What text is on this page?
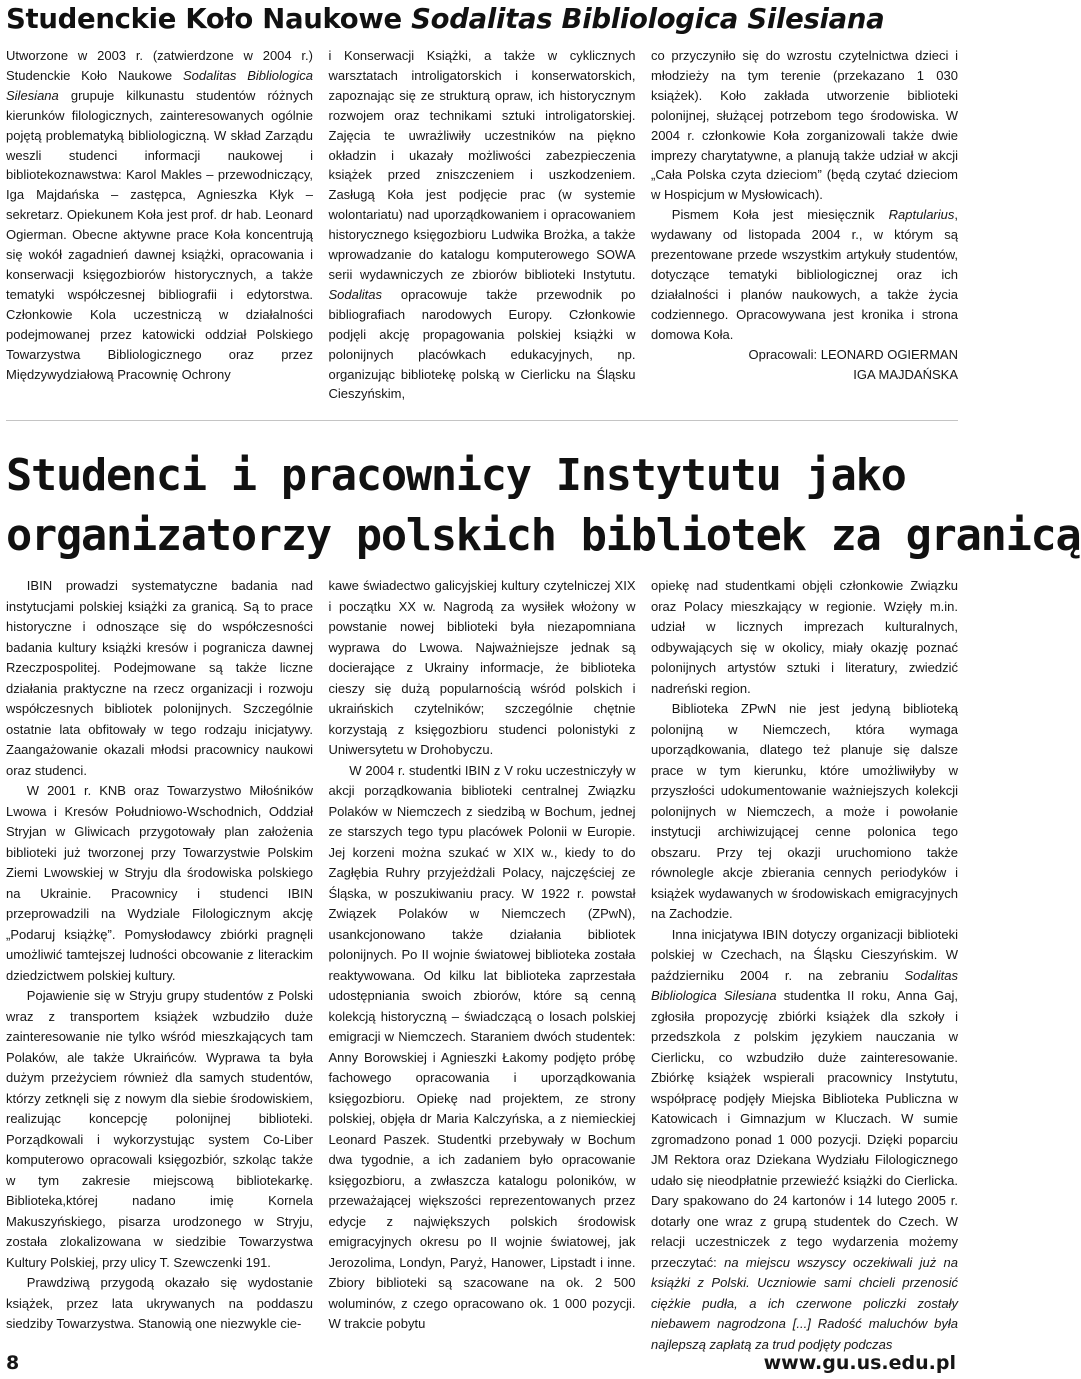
Studenckie Koło Naukowe Sodalitas Bibliologica Silesiana

Utworzone w 2003 r. (zatwierdzone w 2004 r.) Studenckie Koło Naukowe Sodalitas Bibliologica Silesiana grupuje kilkunastu studentów różnych kierunków filologicznych, zainteresowanych ogólnie pojętą problematyką bibliologiczną. W skład Zarządu weszli studenci informacji naukowej i bibliotekoznawstwa: Karol Makles – przewodniczący, Iga Majdańska – zastępca, Agnieszka Kłyk – sekretarz. Opiekunem Koła jest prof. dr hab. Leonard Ogierman. Obecne aktywne prace Koła koncentrują się wokół zagadnień dawnej książki, opracowania i konserwacji księgozbiorów historycznych, a także tematyki współczesnej bibliografii i edytorstwa. Członkowie Kola uczestniczą w działalności podejmowanej przez katowicki oddział Polskiego Towarzystwa Bibliologicznego oraz przez Międzywydziałową Pracownię Ochrony

i Konserwacji Książki, a także w cyklicznych warsztatach introligatorskich i konserwatorskich, zapoznając się ze strukturą opraw, ich historycznym rozwojem oraz technikami sztuki introligatorskiej. Zajęcia te uwrażliwiły uczestników na piękno okładzin i ukazały możliwości zabezpieczenia książek przed zniszczeniem i uszkodzeniem. Zasługą Koła jest podjęcie prac (w systemie wolontariatu) nad uporządkowaniem i opracowaniem historycznego księgozbioru Ludwika Brożka, a także wprowadzanie do katalogu komputerowego SOWA serii wydawniczych ze zbiorów biblioteki Instytutu. Sodalitas opracowuje także przewodnik po bibliografiach narodowych Europy. Członkowie podjęli akcję propagowania polskiej książki w polonijnych placówkach edukacyjnych, np. organizując bibliotekę polską w Cierlicku na Śląsku Cieszyńskim,

co przyczyniło się do wzrostu czytelnictwa dzieci i młodzieży na tym terenie (przekazano 1 030 książek). Koło zakłada utworzenie biblioteki polonijnej, służącej potrzebom tego środowiska. W 2004 r. członkowie Koła zorganizowali także dwie imprezy charytatywne, a planują także udział w akcji „Cała Polska czyta dzieciom” (będą czytać dzieciom w Hospicjum w Mysłowicach).

Pismem Koła jest miesięcznik Raptularius, wydawany od listopada 2004 r., w którym są prezentowane przede wszystkim artykuły studentów, dotyczące tematyki bibliologicznej oraz ich działalności i planów naukowych, a także życia codziennego. Opracowywana jest kronika i strona domowa Koła.

Opracowali: LEONARD OGIERMAN

IGA MAJDAŃSKA

Studenci i pracownicy Instytutu jako
organizatorzy polskich bibliotek za granicą

IBIN prowadzi systematyczne badania nad instytucjami polskiej książki za granicą. Są to prace historyczne i odnoszące się do współczesności badania kultury książki kresów i pogranicza dawnej Rzeczpospolitej. Podejmowane są także liczne działania praktyczne na rzecz organizacji i rozwoju współczesnych bibliotek polonijnych. Szczególnie ostatnie lata obfitowały w tego rodzaju inicjatywy. Zaangażowanie okazali młodsi pracownicy naukowi oraz studenci.

W 2001 r. KNB oraz Towarzystwo Miłośników Lwowa i Kresów Południowo-Wschodnich, Oddział Stryjan w Gliwicach przygotowały plan założenia biblioteki już tworzonej przy Towarzystwie Polskim Ziemi Lwowskiej w Stryju dla środowiska polskiego na Ukrainie. Pracownicy i studenci IBIN przeprowadzili na Wydziale Filologicznym akcję „Podaruj książkę”. Pomysłodawcy zbiórki pragnęli umożliwić tamtejszej ludności obcowanie z literackim dziedzictwem polskiej kultury.

Pojawienie się w Stryju grupy studentów z Polski wraz z transportem książek wzbudziło duże zainteresowanie nie tylko wśród mieszkających tam Polaków, ale także Ukraińców. Wyprawa ta była dużym przeżyciem również dla samych studentów, którzy zetknęli się z nowym dla siebie środowiskiem, realizując koncepcję polonijnej biblioteki. Porządkowali i wykorzystując system Co-Liber komputerowo opracowali księgozbiór, szkoląc także w tym zakresie miejscową bibliotekarkę. Biblioteka,której nadano imię Kornela Makuszyńskiego, pisarza urodzonego w Stryju, została zlokalizowana w siedzibie Towarzystwa Kultury Polskiej, przy ulicy T. Szewczenki 191.

Prawdziwą przygodą okazało się wydostanie książek, przez lata ukrywanych na poddaszu siedziby Towarzystwa. Stanowią one niezwykle cie-

kawe świadectwo galicyjskiej kultury czytelniczej XIX i początku XX w. Nagrodą za wysiłek włożony w powstanie nowej biblioteki była niezapomniana wyprawa do Lwowa. Najważniejsze jednak są docierające z Ukrainy informacje, że biblioteka cieszy się dużą popularnością wśród polskich i ukraińskich czytelników; szczególnie chętnie korzystają z księgozbioru studenci polonistyki z Uniwersytetu w Drohobyczu.

W 2004 r. studentki IBIN z V roku uczestniczyły w akcji porządkowania biblioteki centralnej Związku Polaków w Niemczech z siedzibą w Bochum, jednej ze starszych tego typu placówek Polonii w Europie. Jej korzeni można szukać w XIX w., kiedy to do Zagłębia Ruhry przyjeżdżali Polacy, najczęściej ze Śląska, w poszukiwaniu pracy. W 1922 r. powstał Związek Polaków w Niemczech (ZPwN), usankcjonowano także działania bibliotek polonijnych. Po II wojnie światowej biblioteka została reaktywowana. Od kilku lat biblioteka zaprzestała udostępniania swoich zbiorów, które są cenną kolekcją historyczną – świadczącą o losach polskiej emigracji w Niemczech. Staraniem dwóch studentek: Anny Borowskiej i Agnieszki Łakomy podjęto próbę fachowego opracowania i uporządkowania księgozbioru. Opiekę nad projektem, ze strony polskiej, objęła dr Maria Kalczyńska, a z niemieckiej Leonard Paszek. Studentki przebywały w Bochum dwa tygodnie, a ich zadaniem było opracowanie księgozbioru, a zwłaszcza katalogu poloników, w przeważającej większości reprezentowanych przez edycje z największych polskich środowisk emigracyjnych okresu po II wojnie światowej, jak Jerozolima, Londyn, Paryż, Hanower, Lipstadt i inne. Zbiory biblioteki są szacowane na ok. 2 500 woluminów, z czego opracowano ok. 1 000 pozycji. W trakcie pobytu

opiekę nad studentkami objęli członkowie Związku oraz Polacy mieszkający w regionie. Wzięły m.in. udział w licznych imprezach kulturalnych, odbywających się w okolicy, miały okazję poznać polonijnych artystów sztuki i literatury, zwiedzić nadreński region.

Biblioteka ZPwN nie jest jedyną biblioteką polonijną w Niemczech, która wymaga uporządkowania, dlatego też planuje się dalsze prace w tym kierunku, które umożliwiłyby w przyszłości udokumentowanie ważniejszych kolekcji polonijnych w Niemczech, a może i powołanie instytucji archiwizującej cenne polonica tego obszaru. Przy tej okazji uruchomiono także równolegle akcje zbierania cennych periodyków i książek wydawanych w środowiskach emigracyjnych na Zachodzie.

Inna inicjatywa IBIN dotyczy organizacji biblioteki polskiej w Czechach, na Śląsku Cieszyńskim. W październiku 2004 r. na zebraniu Sodalitas Bibliologica Silesiana studentka II roku, Anna Gaj, zgłosiła propozycję zbiórki książek dla szkoły i przedszkola z polskim językiem nauczania w Cierlicku, co wzbudziło duże zainteresowanie. Zbiórkę książek wspierali pracownicy Instytutu, współpracę podjęły Miejska Biblioteka Publiczna w Katowicach i Gimnazjum w Kluczach. W sumie zgromadzono ponad 1 000 pozycji. Dzięki poparciu JM Rektora oraz Dziekana Wydziału Filologicznego udało się nieodpłatnie przewieźć książki do Cierlicka. Dary spakowano do 24 kartonów i 14 lutego 2005 r. dotarły one wraz z grupą studentek do Czech. W relacji uczestniczek z tego wydarzenia możemy przeczytać: na miejscu wszyscy oczekiwali już na książki z Polski. Uczniowie sami chcieli przenosić ciężkie pudła, a ich czerwone policzki zostały niebawem nagrodzona [...] Radość maluchów była najlepszą zapłatą za trud podjęty podczas

8	www.gu.us.edu.pl
